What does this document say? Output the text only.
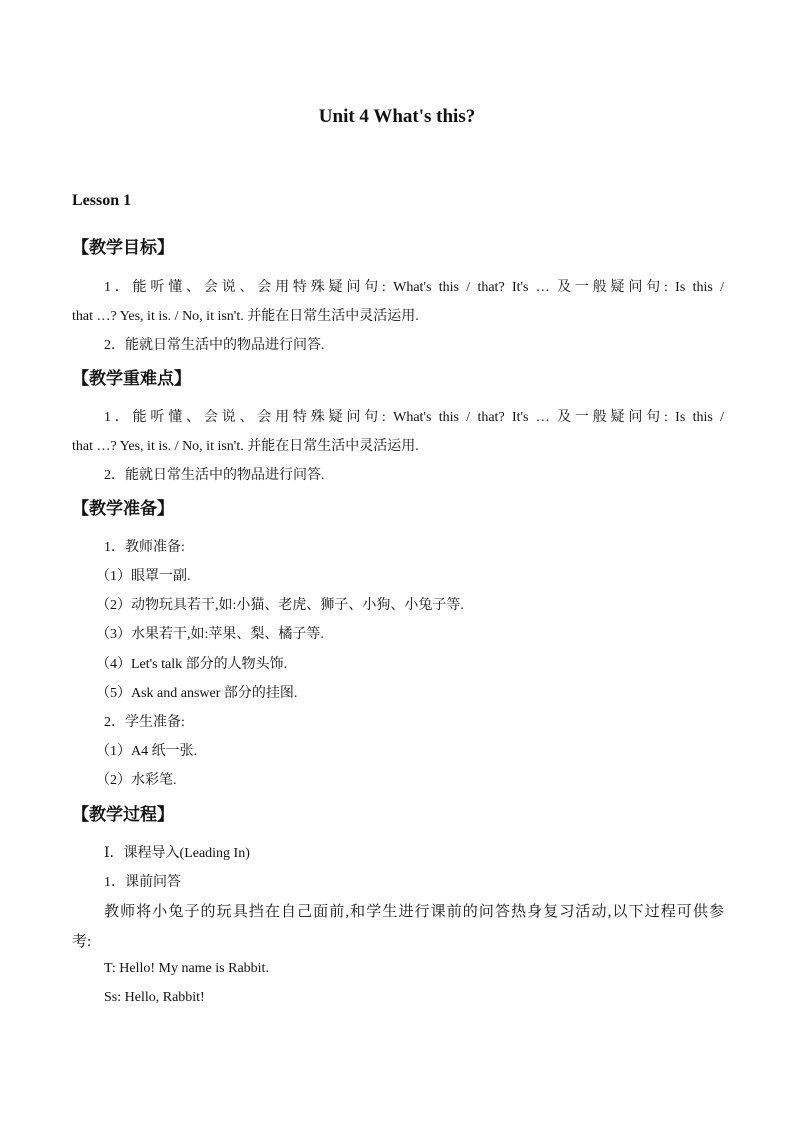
Unit 4 What's this?
Lesson 1
【教学目标】
1．能听懂、会说、会用特殊疑问句: What's this / that? It's … 及一般疑问句: Is this /
that …? Yes, it is. / No, it isn't. 并能在日常生活中灵活运用.
2．能就日常生活中的物品进行问答.
【教学重难点】
1．能听懂、会说、会用特殊疑问句: What's this / that? It's … 及一般疑问句: Is this /
that …? Yes, it is. / No, it isn't. 并能在日常生活中灵活运用.
2．能就日常生活中的物品进行问答.
【教学准备】
1．教师准备:
（1）眼罩一副.
（2）动物玩具若干,如:小猫、老虎、狮子、小狗、小兔子等.
（3）水果若干,如:苹果、梨、橘子等.
（4）Let's talk 部分的人物头饰.
（5）Ask and answer 部分的挂图.
2．学生准备:
（1）A4 纸一张.
（2）水彩笔.
【教学过程】
Ⅰ．课程导入(Leading In)
1．课前问答
教师将小兔子的玩具挡在自己面前,和学生进行课前的问答热身复习活动,以下过程可供参
考:
T: Hello! My name is Rabbit.
Ss: Hello, Rabbit!
